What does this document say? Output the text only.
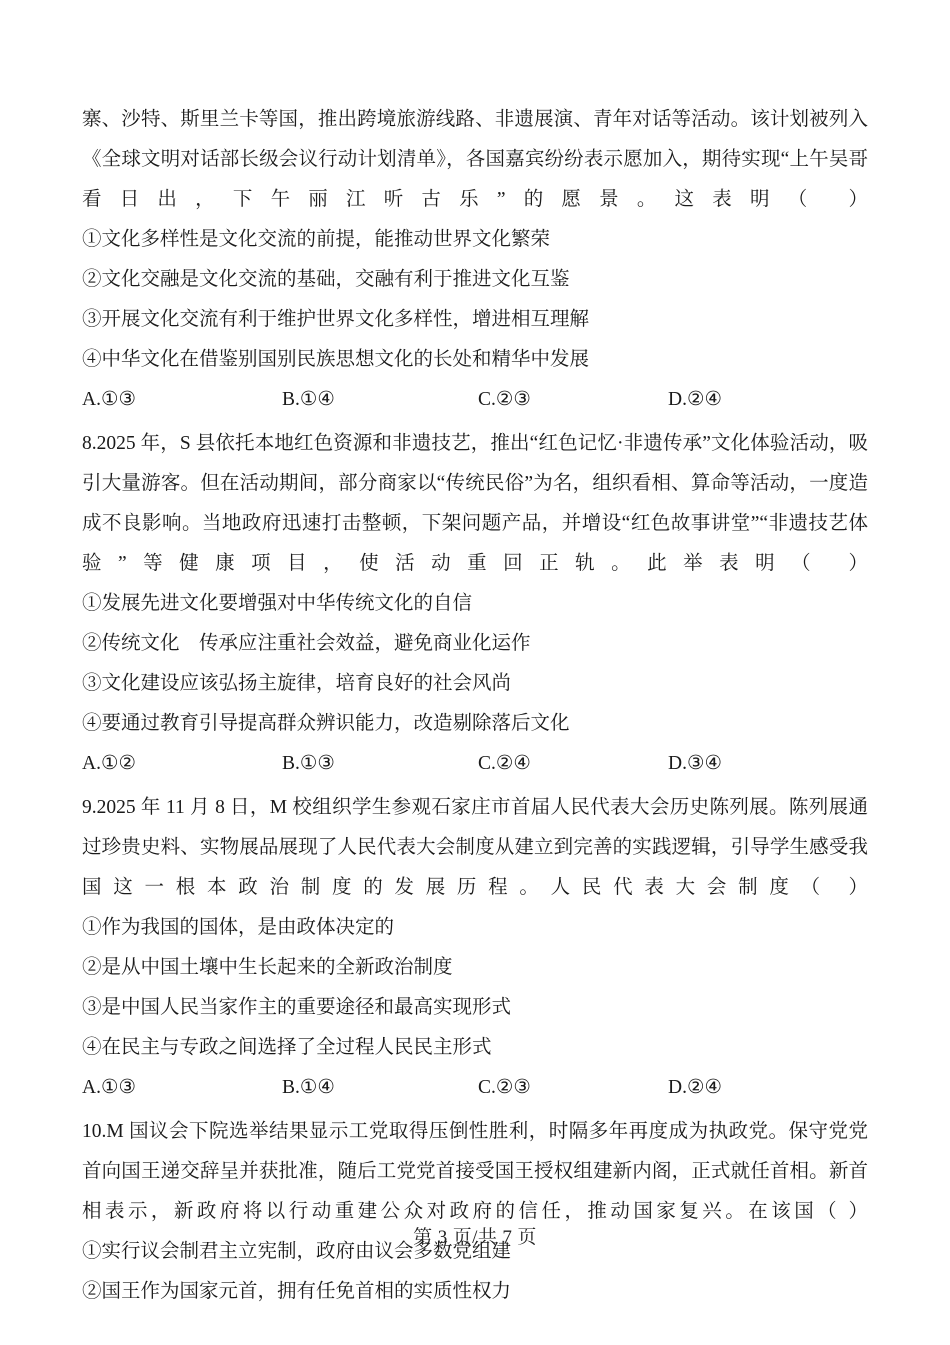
寨、沙特、斯里兰卡等国，推出跨境旅游线路、非遗展演、青年对话等活动。该计划被列入《全球文明对话部长级会议行动计划清单》，各国嘉宾纷纷表示愿加入，期待实现“上午吴哥看日出，下午丽江听古乐”的愿景。这表明（ ）

①文化多样性是文化交流的前提，能推动世界文化繁荣
②文化交融是文化交流的基础，交融有利于推进文化互鉴
③开展文化交流有利于维护世界文化多样性，增进相互理解
④中华文化在借鉴别国别民族思想文化的长处和精华中发展
A.①③	B.①④	C.②③	D.②④

8.2025 年，S 县依托本地红色资源和非遗技艺，推出“红色记忆·非遗传承”文化体验活动，吸引大量游客。但在活动期间，部分商家以“传统民俗”为名，组织看相、算命等活动，一度造成不良影响。当地政府迅速打击整顿，下架问题产品，并增设“红色故事讲堂”“非遗技艺体验”等健康项目，使活动重回正轨。此举表明（ ）

①发展先进文化要增强对中华传统文化的自信
②传统文化　传承应注重社会效益，避免商业化运作
③文化建设应该弘扬主旋律，培育良好的社会风尚
④要通过教育引导提高群众辨识能力，改造剔除落后文化
A.①②	B.①③	C.②④	D.③④

9.2025 年 11 月 8 日，M 校组织学生参观石家庄市首届人民代表大会历史陈列展。陈列展通过珍贵史料、实物展品展现了人民代表大会制度从建立到完善的实践逻辑，引导学生感受我国这一根本政治制度的发展历程。人民代表大会制度（ ）

①作为我国的国体，是由政体决定的
②是从中国土壤中生长起来的全新政治制度
③是中国人民当家作主的重要途径和最高实现形式
④在民主与专政之间选择了全过程人民民主形式
A.①③	B.①④	C.②③	D.②④

10.M 国议会下院选举结果显示工党取得压倒性胜利，时隔多年再度成为执政党。保守党党首向国王递交辞呈并获批准，随后工党党首接受国王授权组建新内阁，正式就任首相。新首相表示，新政府将以行动重建公众对政府的信任，推动国家复兴。在该国（ ）

①实行议会制君主立宪制，政府由议会多数党组建
②国王作为国家元首，拥有任免首相的实质性权力
第 3 页/共 7 页
